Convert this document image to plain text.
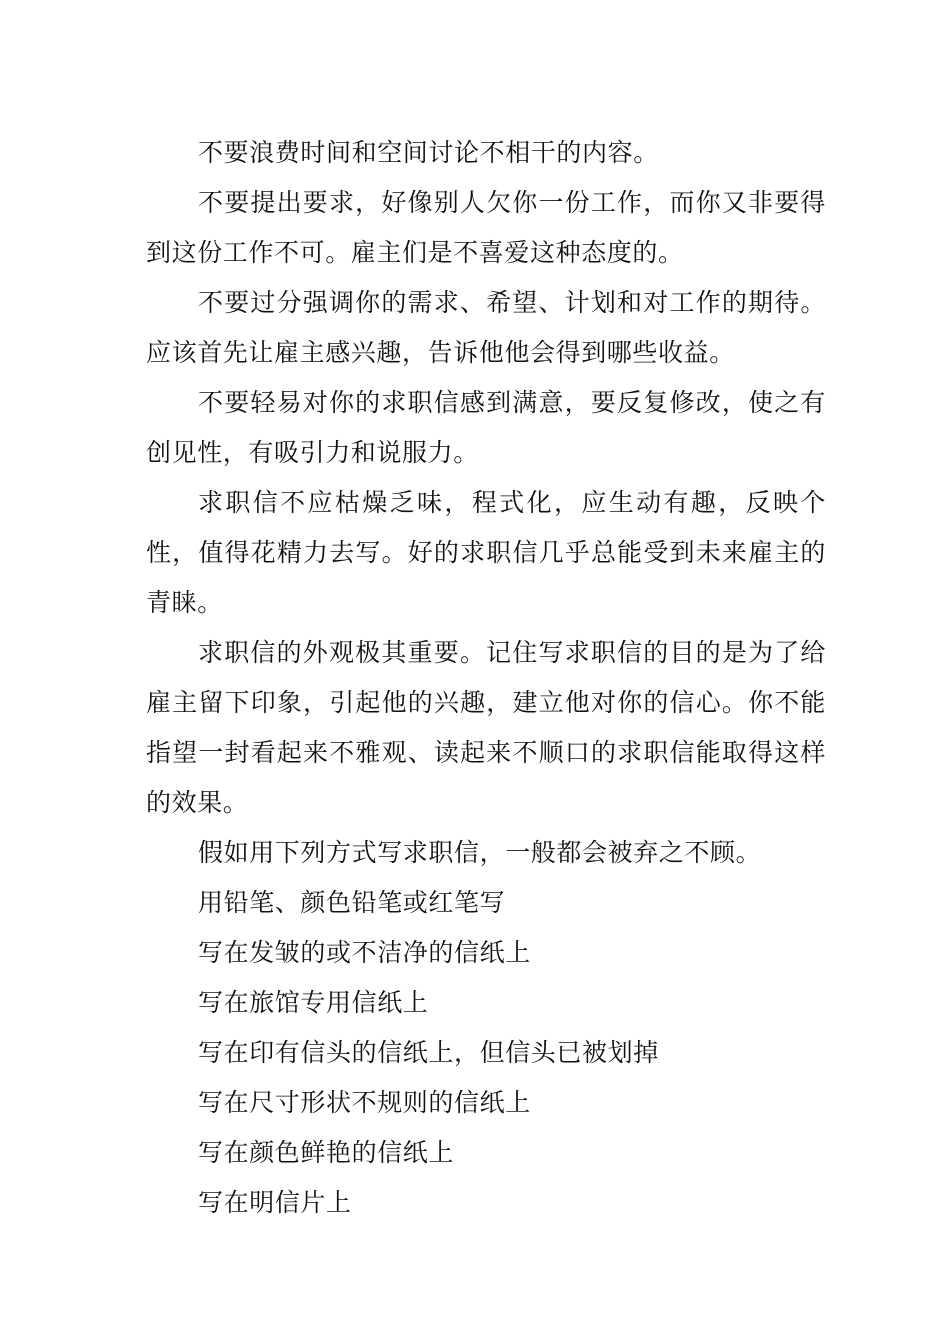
不要浪费时间和空间讨论不相干的内容。

不要提出要求，好像别人欠你一份工作，而你又非要得到这份工作不可。雇主们是不喜爱这种态度的。

不要过分强调你的需求、希望、计划和对工作的期待。应该首先让雇主感兴趣，告诉他他会得到哪些收益。

不要轻易对你的求职信感到满意，要反复修改，使之有创见性，有吸引力和说服力。

求职信不应枯燥乏味，程式化，应生动有趣，反映个性，值得花精力去写。好的求职信几乎总能受到未来雇主的青睐。

求职信的外观极其重要。记住写求职信的目的是为了给雇主留下印象，引起他的兴趣，建立他对你的信心。你不能指望一封看起来不雅观、读起来不顺口的求职信能取得这样的效果。

假如用下列方式写求职信，一般都会被弃之不顾。

用铅笔、颜色铅笔或红笔写

写在发皱的或不洁净的信纸上

写在旅馆专用信纸上

写在印有信头的信纸上，但信头已被划掉

写在尺寸形状不规则的信纸上

写在颜色鲜艳的信纸上

写在明信片上
